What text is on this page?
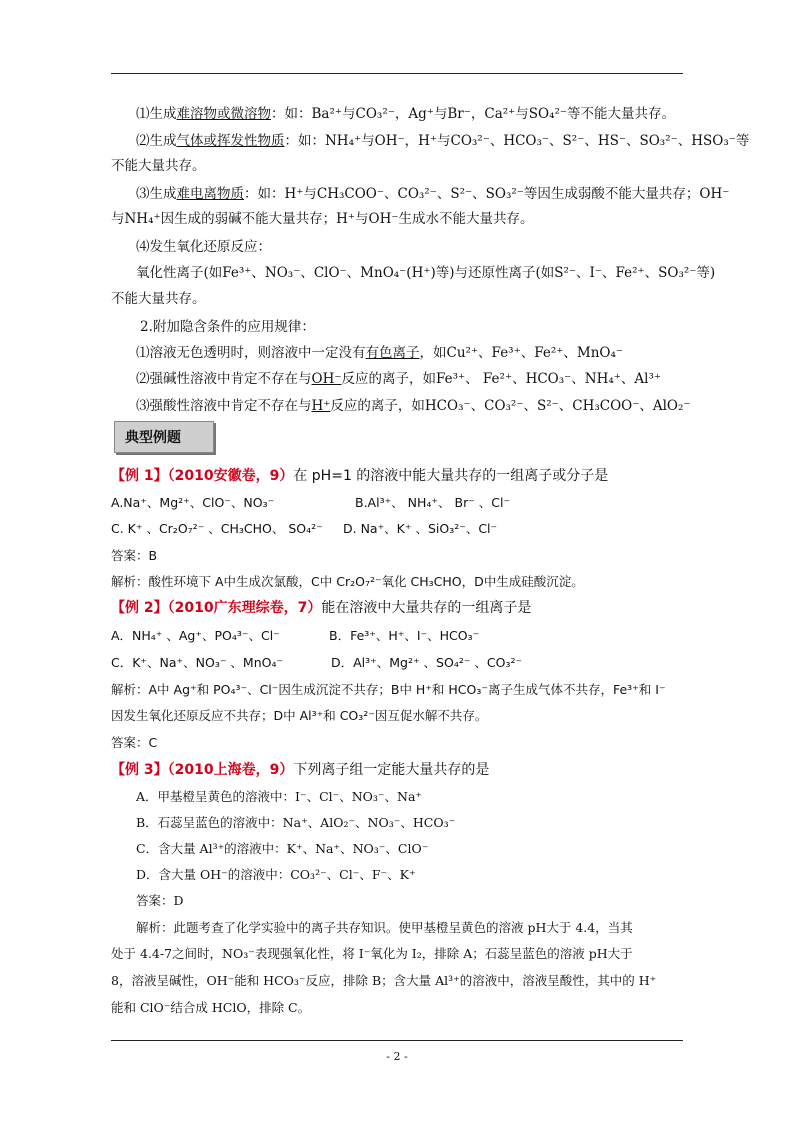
⑴生成难溶物或微溶物：如：Ba²⁺与CO₃²⁻，Ag⁺与Br⁻，Ca²⁺与SO₄²⁻等不能大量共存。
⑵生成气体或挥发性物质：如：NH₄⁺与OH⁻，H⁺与CO₃²⁻、HCO₃⁻、S²⁻、HS⁻、SO₃²⁻、HSO₃⁻等
不能大量共存。
⑶生成难电离物质：如：H⁺与CH₃COO⁻、CO₃²⁻、S²⁻、SO₃²⁻等因生成弱酸不能大量共存；OH⁻
与NH₄⁺因生成的弱碱不能大量共存；H⁺与OH⁻生成水不能大量共存。
⑷发生氧化还原反应：
氧化性离子(如Fe³⁺、NO₃⁻、ClO⁻、MnO₄⁻(H⁺)等)与还原性离子(如S²⁻、I⁻、Fe²⁺、SO₃²⁻等)
不能大量共存。
2.附加隐含条件的应用规律：
⑴溶液无色透明时，则溶液中一定没有有色离子，如Cu²⁺、Fe³⁺、Fe²⁺、MnO₄⁻
⑵强碱性溶液中肯定不存在与OH⁻反应的离子，如Fe³⁺、 Fe²⁺、HCO₃⁻、NH₄⁺、Al³⁺
⑶强酸性溶液中肯定不存在与H⁺反应的离子，如HCO₃⁻、CO₃²⁻、S²⁻、CH₃COO⁻、AlO₂⁻
典型例题
【例 1】（2010安徽卷，9）在 pH=1 的溶液中能大量共存的一组离子或分子是
A.Na⁺、Mg²⁺、ClO⁻、NO₃⁻	B.Al³⁺、 NH₄⁺、 Br⁻ 、Cl⁻
C. K⁺ 、Cr₂O₇²⁻ 、CH₃CHO、 SO₄²⁻ D. Na⁺、K⁺ 、SiO₃²⁻、Cl⁻
答案：B
解析：酸性环境下 A中生成次氯酸，C中 Cr₂O₇²⁻氧化 CH₃CHO，D中生成硅酸沉淀。
【例 2】（2010广东理综卷，7）能在溶液中大量共存的一组离子是
A．NH₄⁺ 、Ag⁺、PO₄³⁻、Cl⁻	B．Fe³⁺、H⁺、I⁻、HCO₃⁻
C．K⁺、Na⁺、NO₃⁻ 、MnO₄⁻	D．Al³⁺、Mg²⁺ 、SO₄²⁻ 、CO₃²⁻
解析：A中 Ag⁺和 PO₄³⁻、Cl⁻因生成沉淀不共存；B中 H⁺和 HCO₃⁻离子生成气体不共存，Fe³⁺和 I⁻
因发生氧化还原反应不共存；D中 Al³⁺和 CO₃²⁻因互促水解不共存。
答案：C
【例 3】（2010上海卷，9）下列离子组一定能大量共存的是
A．甲基橙呈黄色的溶液中：I⁻、Cl⁻、NO₃⁻、Na⁺
B．石蕊呈蓝色的溶液中：Na⁺、AlO₂⁻、NO₃⁻、HCO₃⁻
C．含大量 Al³⁺的溶液中：K⁺、Na⁺、NO₃⁻、ClO⁻
D．含大量 OH⁻的溶液中：CO₃²⁻、Cl⁻、F⁻、K⁺
答案：D
解析：此题考查了化学实验中的离子共存知识。使甲基橙呈黄色的溶液 pH大于 4.4，当其
处于 4.4-7之间时，NO₃⁻表现强氧化性，将 I⁻氧化为 I₂，排除 A；石蕊呈蓝色的溶液 pH大于
8，溶液呈碱性，OH⁻能和 HCO₃⁻反应，排除 B；含大量 Al³⁺的溶液中，溶液呈酸性，其中的 H⁺
能和 ClO⁻结合成 HClO，排除 C。
- 2 -
